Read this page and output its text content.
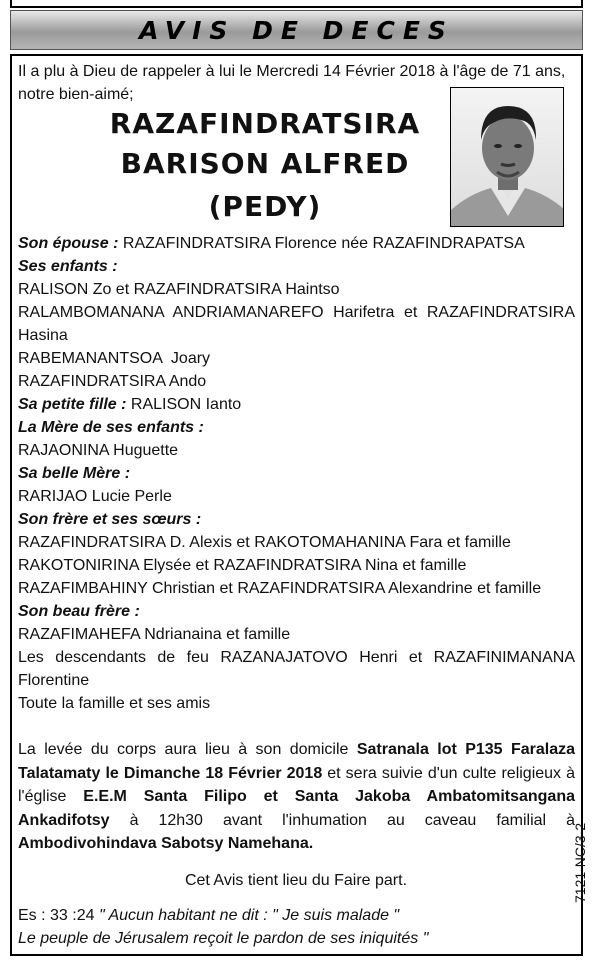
AVIS DE DECES

Il a plu à Dieu de rappeler à lui le Mercredi 14 Février 2018 à l'âge de 71 ans,

notre bien-aimé;

RAZAFINDRATSIRA
BARISON ALFRED
(PEDY)

Son épouse : RAZAFINDRATSIRA Florence née RAZAFINDRAPATSA

Ses enfants :

RALISON Zo et RAZAFINDRATSIRA Haintso

RALAMBOMANANA ANDRIAMANAREFO Harifetra et RAZAFINDRATSIRA

Hasina

RABEMANANTSOA  Joary

RAZAFINDRATSIRA Ando

Sa petite fille : RALISON Ianto

La Mère de ses enfants :

RAJAONINA Huguette

Sa belle Mère :

RARIJAO Lucie Perle

Son frère et ses sœurs :

RAZAFINDRATSIRA D. Alexis et RAKOTOMAHANINA Fara et famille

RAKOTONIRINA Elysée et RAZAFINDRATSIRA Nina et famille

RAZAFIMBAHINY Christian et RAZAFINDRATSIRA Alexandrine et famille

Son beau frère :

RAZAFIMAHEFA Ndrianaina et famille

Les descendants de feu RAZANAJATOVO Henri et RAZAFINIMANANA

Florentine

Toute la famille et ses amis

La levée du corps aura lieu à son domicile Satranala lot P135 Faralaza Talatamaty le Dimanche 18 Février 2018 et sera suivie d'un culte religieux à l'église E.E.M Santa Filipo et Santa Jakoba Ambatomitsangana Ankadifotsy à 12h30 avant l'inhumation au caveau familial à Ambodivohindava Sabotsy Namehana.

Cet Avis tient lieu du Faire part.

Es : 33 :24 " Aucun habitant ne dit : " Je suis malade "

Le peuple de Jérusalem reçoit le pardon de ses iniquités "

7121-NC/3-2
